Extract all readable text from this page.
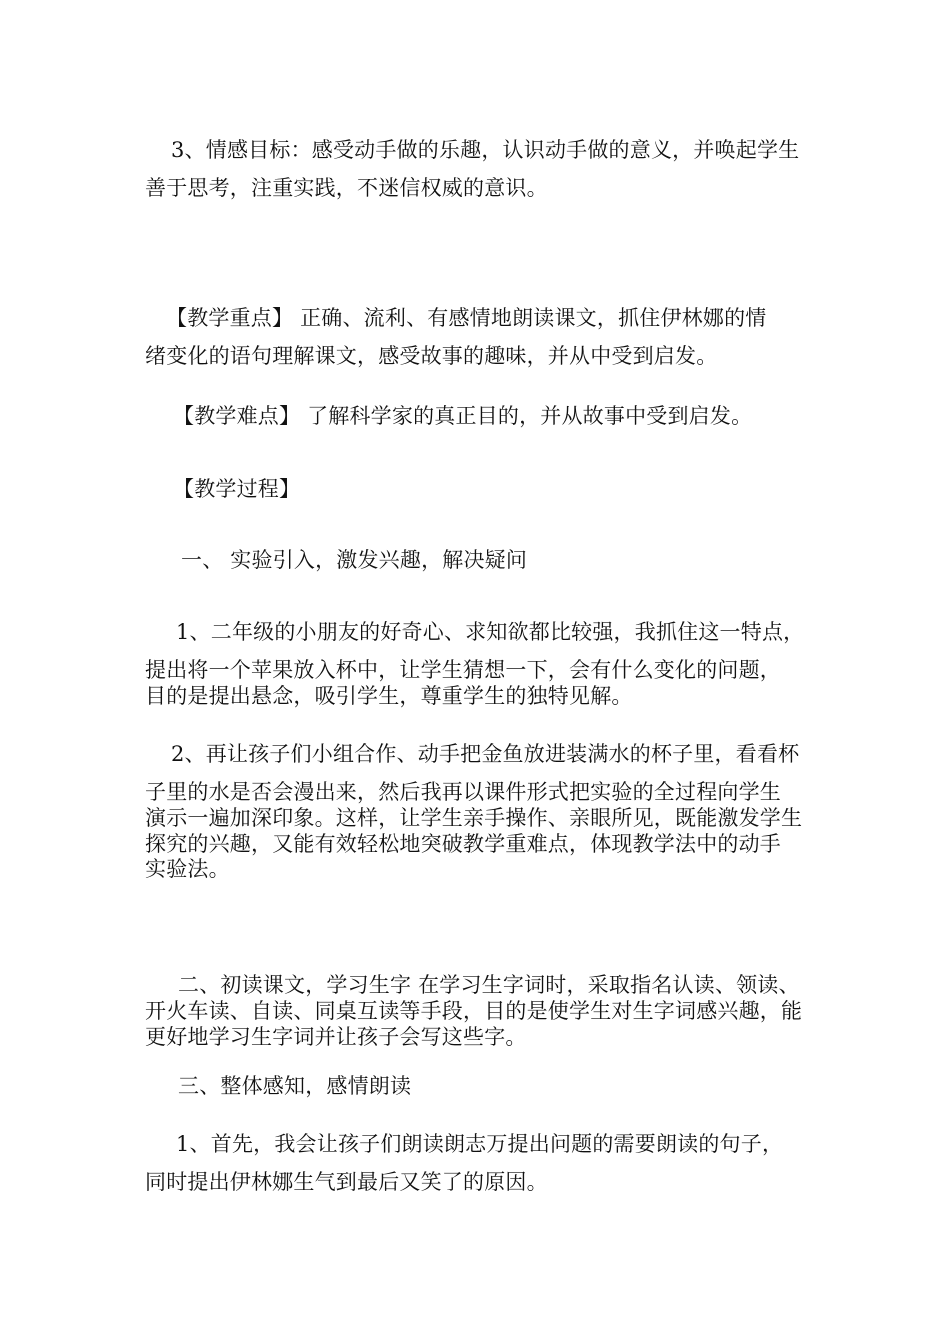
3、情感目标：感受动手做的乐趣，认识动手做的意义，并唤起学生
善于思考，注重实践，不迷信权威的意识。
【教学重点】 正确、流利、有感情地朗读课文，抓住伊林娜的情
绪变化的语句理解课文，感受故事的趣味，并从中受到启发。
【教学难点】 了解科学家的真正目的，并从故事中受到启发。
【教学过程】
一、 实验引入，激发兴趣，解决疑问
1、二年级的小朋友的好奇心、求知欲都比较强，我抓住这一特点，
提出将一个苹果放入杯中，让学生猜想一下，会有什么变化的问题，
目的是提出悬念，吸引学生，尊重学生的独特见解。
2、再让孩子们小组合作、动手把金鱼放进装满水的杯子里，看看杯
子里的水是否会漫出来，然后我再以课件形式把实验的全过程向学生
演示一遍加深印象。这样，让学生亲手操作、亲眼所见，既能激发学生
探究的兴趣，又能有效轻松地突破教学重难点，体现教学法中的动手
实验法。
二、初读课文，学习生字 在学习生字词时，采取指名认读、领读、
开火车读、自读、同桌互读等手段，目的是使学生对生字词感兴趣，能
更好地学习生字词并让孩子会写这些字。
三、整体感知，感情朗读
1、首先，我会让孩子们朗读朗志万提出问题的需要朗读的句子，
同时提出伊林娜生气到最后又笑了的原因。
